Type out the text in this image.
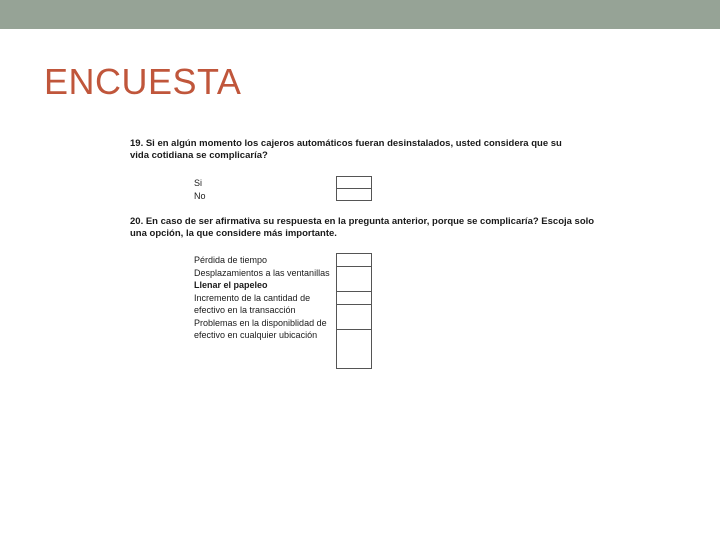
ENCUESTA

19. Si en algún momento los cajeros automáticos fueran desinstalados, usted considera que su vida cotidiana se complicaría?

Si
No

20. En caso de ser afirmativa su respuesta en la pregunta anterior, porque se complicaría? Escoja solo una opción, la que considere más importante.

Pérdida de tiempo
Desplazamientos a las ventanillas
Llenar el papeleo
Incremento de la cantidad de efectivo en la transacción
Problemas en la disponiblidad de efectivo en cualquier ubicación
